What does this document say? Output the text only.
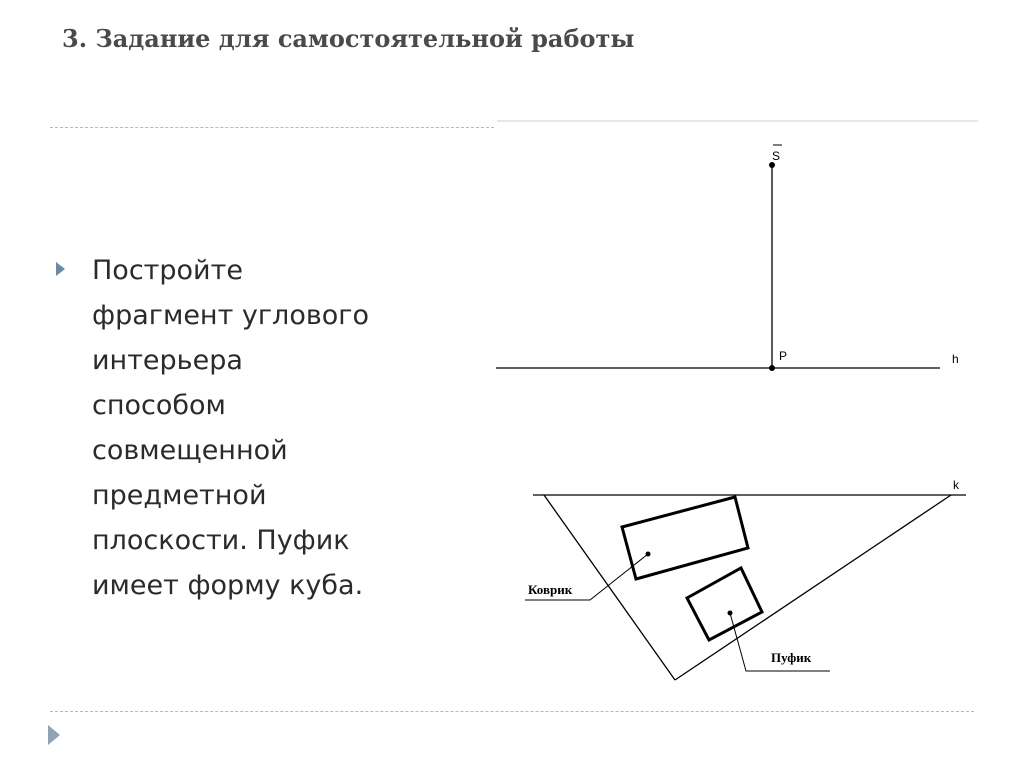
3. Задание для самостоятельной работы

Постройте
фрагмент углового
интерьера
способом
совмещенной
предметной
плоскости. Пуфик
имеет форму куба.

S
P	h
k
Коврик
Пуфик
